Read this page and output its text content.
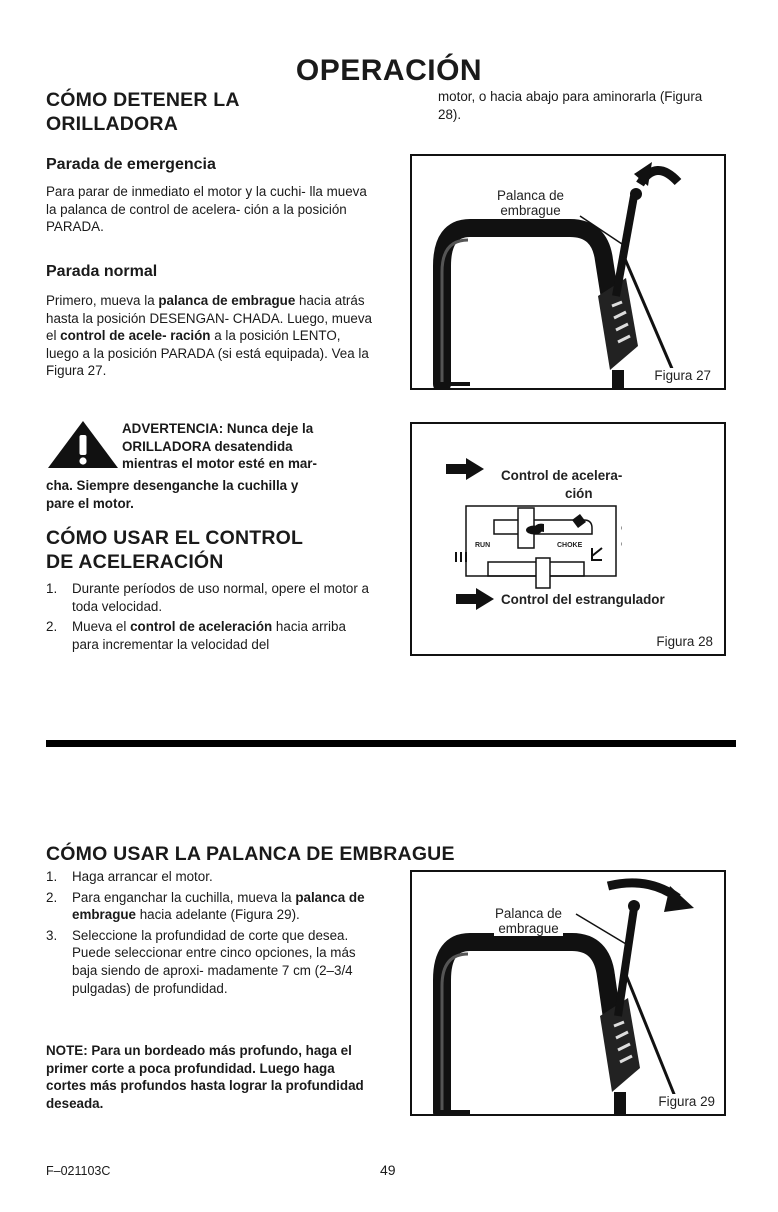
OPERACIÓN
CÓMO DETENER LA
ORILLADORA
Parada de emergencia
Para parar de inmediato el motor y la cuchi- lla mueva la palanca de control de acelera- ción a la posición PARADA.
Parada normal
Primero, mueva la palanca de embrague hacia atrás hasta la posición DESENGAN- CHADA. Luego, mueva el control de acele- ración a la posición LENTO, luego a la posición PARADA (si está equipada). Vea la Figura 27.
ADVERTENCIA: Nunca deje la
ORILLADORA desatendida
mientras el motor esté en mar-
cha. Siempre desenganche la cuchilla y
pare el motor.
CÓMO USAR EL CONTROL
DE ACELERACIÓN
1. Durante períodos de uso normal, opere el motor a toda velocidad.
2. Mueva el control de aceleración hacia arriba para incrementar la velocidad del
motor, o hacia abajo para aminorarla (Figura 28).
Palanca de
embrague
Figura 27
Control de acelera-
ción
RUN	CHOKE
Control del estrangulador
Figura 28
CÓMO USAR LA PALANCA DE EMBRAGUE
1. Haga arrancar el motor.
2. Para enganchar la cuchilla, mueva la palanca de embrague hacia adelante (Figura 29).
3. Seleccione la profundidad de corte que desea. Puede seleccionar entre cinco opciones, la más baja siendo de aproxi- madamente 7 cm (2–3/4 pulgadas) de profundidad.
NOTE: Para un bordeado más profundo, haga el primer corte a poca profundidad. Luego haga cortes más profundos hasta lograr la profundidad deseada.
Palanca de
embrague
Figura 29
F–021103C	49
